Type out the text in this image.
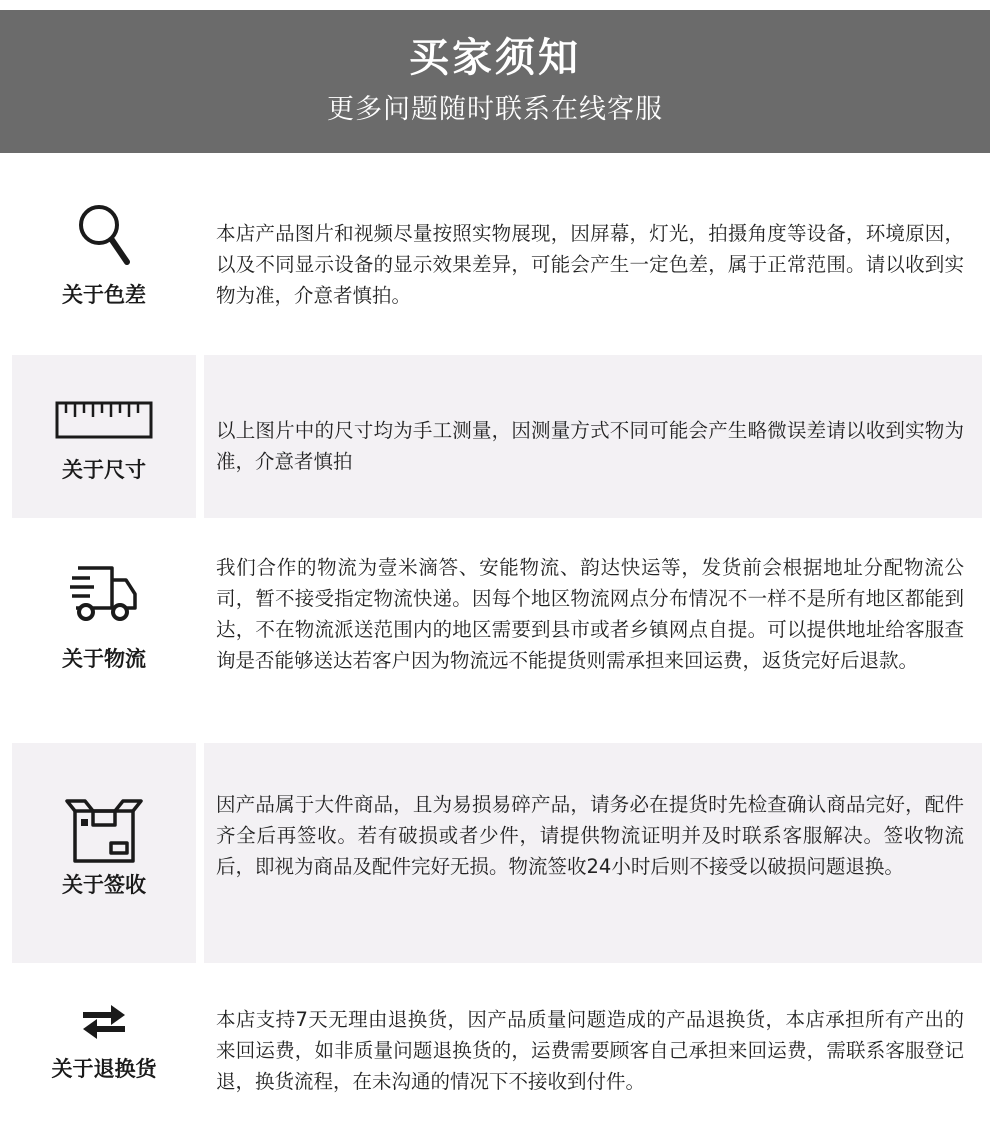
买家须知
更多问题随时联系在线客服
关于色差
本店产品图片和视频尽量按照实物展现，因屏幕，灯光，拍摄角度等设备，环境原因，以及不同显示设备的显示效果差异，可能会产生一定色差，属于正常范围。请以收到实物为准，介意者慎拍。
关于尺寸
以上图片中的尺寸均为手工测量，因测量方式不同可能会产生略微误差请以收到实物为准，介意者慎拍
关于物流
我们合作的物流为壹米滴答、安能物流、韵达快运等，发货前会根据地址分配物流公司，暂不接受指定物流快递。因每个地区物流网点分布情况不一样不是所有地区都能到达，不在物流派送范围内的地区需要到县市或者乡镇网点自提。可以提供地址给客服查询是否能够送达若客户因为物流远不能提货则需承担来回运费，返货完好后退款。
关于签收
因产品属于大件商品，且为易损易碎产品，请务必在提货时先检查确认商品完好，配件齐全后再签收。若有破损或者少件，请提供物流证明并及时联系客服解决。签收物流后，即视为商品及配件完好无损。物流签收24小时后则不接受以破损问题退换。
关于退换货
本店支持7天无理由退换货，因产品质量问题造成的产品退换货，本店承担所有产出的来回运费，如非质量问题退换货的，运费需要顾客自己承担来回运费，需联系客服登记退，换货流程，在未沟通的情况下不接收到付件。
